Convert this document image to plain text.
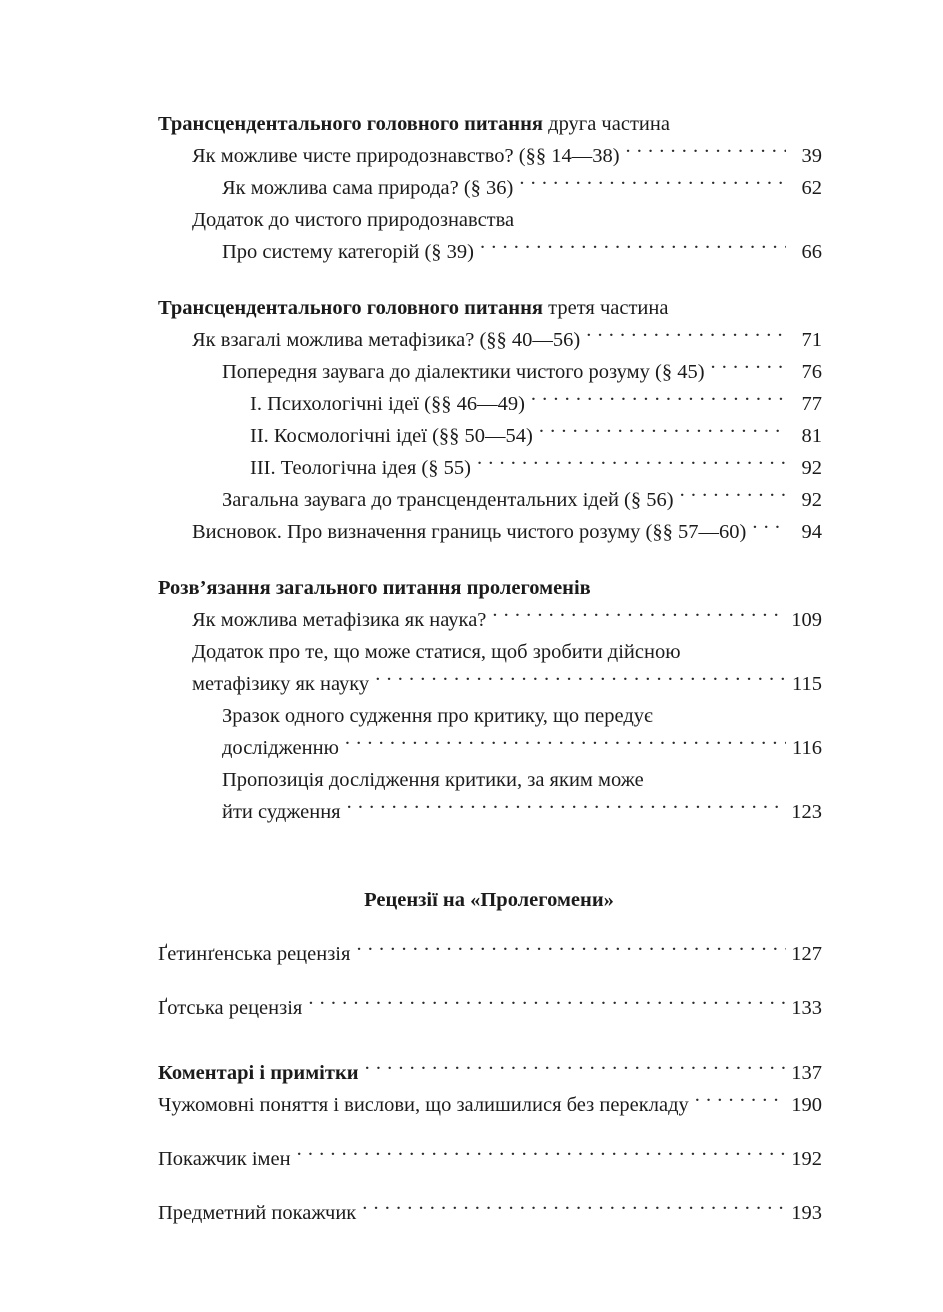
Трансцендентального головного питання друга частина
Як можливе чисте природознавство? (§§ 14—38) . . .	39
Як можлива сама природа? (§ 36) . . .	62
Додаток до чистого природознавства
Про систему категорій (§ 39) . . .	66
Трансцендентального головного питання третя частина
Як взагалі можлива метафізика? (§§ 40—56) . . .	71
Попередня заувага до діалектики чистого розуму (§ 45) . . .	76
I. Психологічні ідеї (§§ 46—49) . . .	77
II. Космологічні ідеї (§§ 50—54) . . .	81
III. Теологічна ідея (§ 55) . . .	92
Загальна заувага до трансцендентальних ідей (§ 56) . . .	92
Висновок. Про визначення границь чистого розуму (§§ 57—60) . . .	94
Розв’язання загального питання пролегоменів
Як можлива метафізика як наука? . . .	109
Додаток про те, що може статися, щоб зробити дійсною
метафізику як науку . . .	115
Зразок одного судження про критику, що передує
дослідженню . . .	116
Пропозиція дослідження критики, за яким може
йти судження . . .	123
Рецензії на «Пролегомени»
Ґетинґенська рецензія . . .	127
Ґотська рецензія . . .	133
Коментарі і примітки . . .	137
Чужомовні поняття і вислови, що залишилися без перекладу . . .	190
Покажчик імен . . .	192
Предметний покажчик . . .	193
